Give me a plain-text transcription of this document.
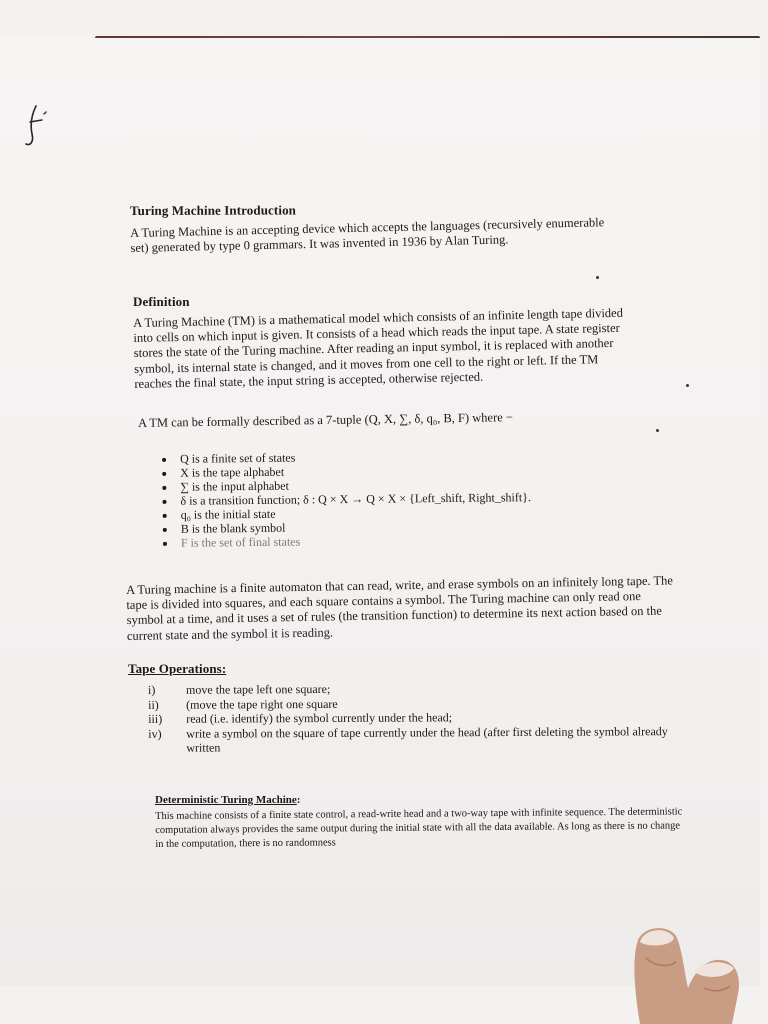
Turing Machine Introduction
A Turing Machine is an accepting device which accepts the languages (recursively enumerable set) generated by type 0 grammars. It was invented in 1936 by Alan Turing.
Definition
A Turing Machine (TM) is a mathematical model which consists of an infinite length tape divided into cells on which input is given. It consists of a head which reads the input tape. A state register stores the state of the Turing machine. After reading an input symbol, it is replaced with another symbol, its internal state is changed, and it moves from one cell to the right or left. If the TM reaches the final state, the input string is accepted, otherwise rejected.
A TM can be formally described as a 7-tuple (Q, X, ∑, δ, q₀, B, F) where −
Q is a finite set of states
X is the tape alphabet
∑ is the input alphabet
δ is a transition function; δ : Q × X → Q × X × {Left_shift, Right_shift}.
q₀ is the initial state
B is the blank symbol
F is the set of final states
A Turing machine is a finite automaton that can read, write, and erase symbols on an infinitely long tape. The tape is divided into squares, and each square contains a symbol. The Turing machine can only read one symbol at a time, and it uses a set of rules (the transition function) to determine its next action based on the current state and the symbol it is reading.
Tape Operations:
i)	move the tape left one square;
ii) (move the tape right one square
iii) read (i.e. identify) the symbol currently under the head;
iv) write a symbol on the square of tape currently under the head (after first deleting the symbol already written
Deterministic Turing Machine:
This machine consists of a finite state control, a read-write head and a two-way tape with infinite sequence. The deterministic computation always provides the same output during the initial state with all the data available. As long as there is no change in the computation, there is no randomness
